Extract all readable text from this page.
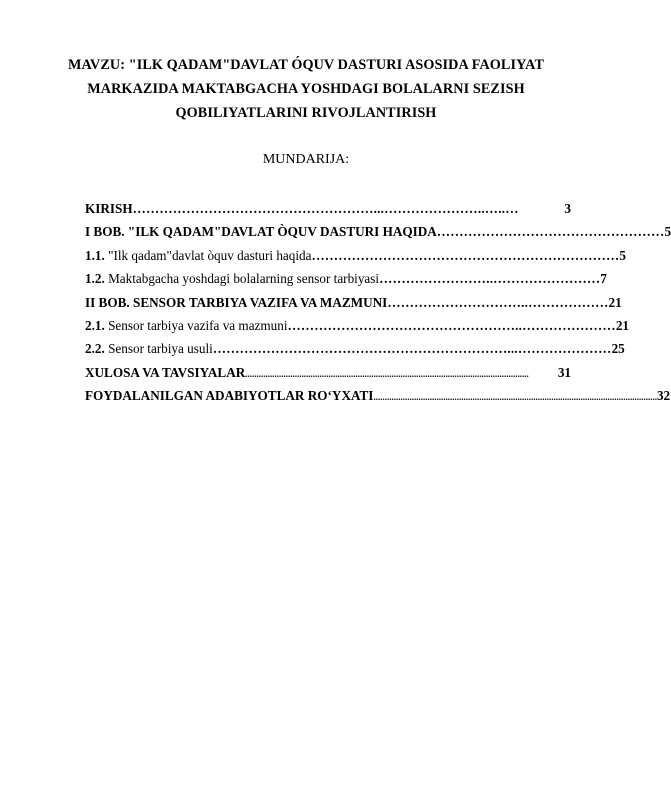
MAVZU: "ILK QADAM"DAVLAT ÓQUV DASTURI ASOSIDA FAOLIYAT
MARKAZIDA MAKTABGACHA YOSHDAGI BOLALARNI SEZISH
QOBILIYATLARINI RIVOJLANTIRISH
MUNDARIJA:
KIRISH ………………………………………………...…………………..…..…	3
I BOB. "ILK QADAM"DAVLAT ÒQUV DASTURI HAQIDA …………………………………………… 5
1.1. "Ilk qadam"davlat òquv dasturi haqida …………………………………………………………… 5
1.2. Maktabgacha yoshdagi bolalarning sensor tarbiyasi ……………………..…………………… 7
II BOB. SENSOR TARBIYA VAZIFA VA MAZMUNI …………………………..……………… 21
2.1. Sensor tarbiya vazifa va mazmuni ……………………………………………..………………… 21
2.2. Sensor tarbiya usuli …………………………………………………………...………………… 25
XULOSA VA TAVSIYALAR ..............................................................................................................................	31
FOYDALANILGAN ADABIYOTLAR ROʻYXATI .............................................................................................................................. 32
